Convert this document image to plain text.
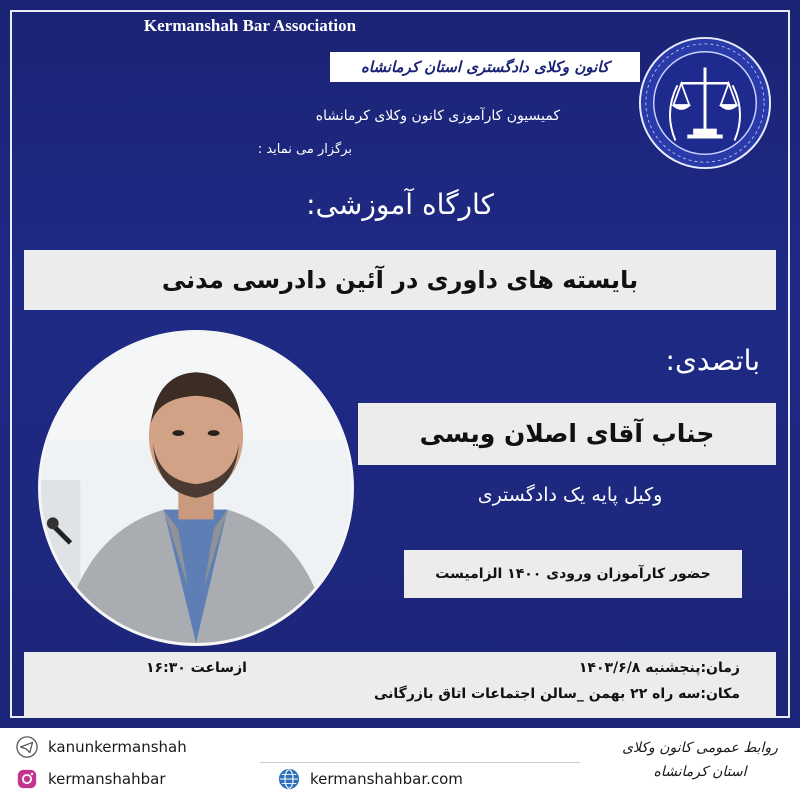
Kermanshah Bar Association
کانون وکلای دادگستری استان کرمانشاه
کمیسیون کارآموزی کانون وکلای کرمانشاه
برگزار می نماید :
کارگاه آموزشی:
بایسته های داوری در آئین دادرسی مدنی
باتصدی:
جناب آقای اصلان ویسی
وکیل پایه یک دادگستری
حضور کارآموزان ورودی ۱۴۰۰ الزامیست
زمان:پنجشنبه ۱۴۰۳/۶/۸
ازساعت ۱۶:۳۰
مکان:سه راه ۲۲ بهمن _سالن اجتماعات اتاق بازرگانی
kanunkermanshah
kermanshahbar	kermanshahbar.com
روابط عمومی کانون وکلای
استان کرمانشاه
